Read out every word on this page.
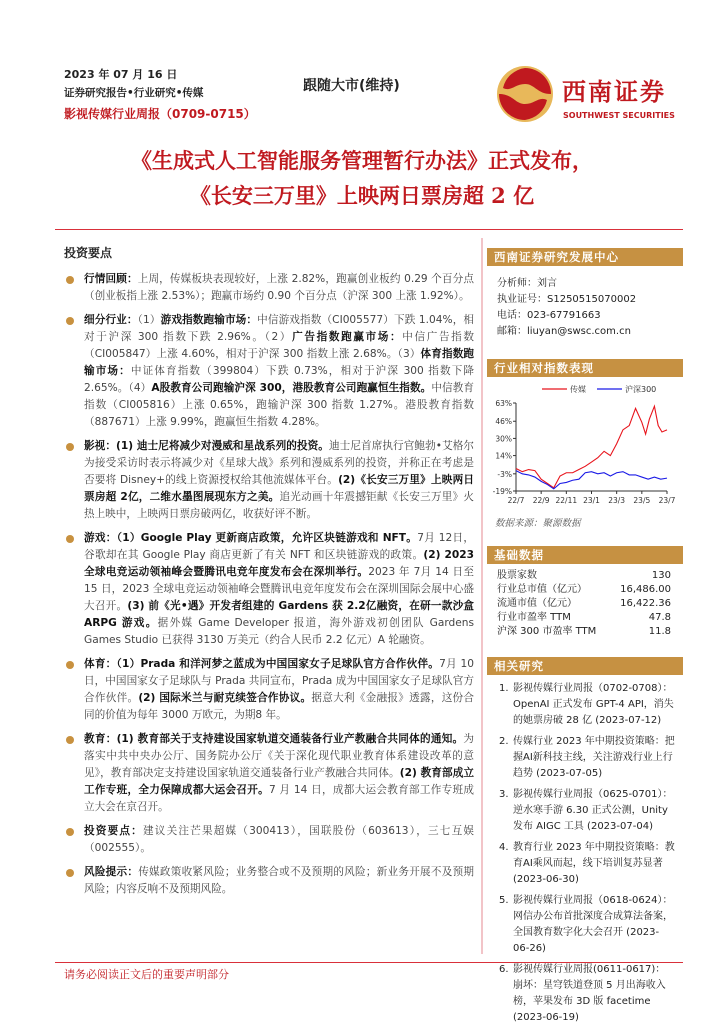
2023 年 07 月 16 日
证券研究报告•行业研究•传媒
影视传媒行业周报（0709-0715）
跟随大市(维持)	西南证券
SOUTHWEST SECURITIES
《生成式人工智能服务管理暂行办法》正式发布，
《长安三万里》上映两日票房超 2 亿
投资要点
行情回顾：上周，传媒板块表现较好，上涨 2.82%，跑赢创业板约 0.29 个百分点（创业板指上涨 2.53%）；跑赢市场约 0.90 个百分点（沪深 300 上涨 1.92%）。
细分行业：（1）游戏指数跑输市场：中信游戏指数（CI005577）下跌 1.04%，相对于沪深 300 指数下跌 2.96%。（2）广告指数跑赢市场：中信广告指数（CI005847）上涨 4.60%，相对于沪深 300 指数上涨 2.68%。（3）体育指数跑输市场：中证体育指数（399804）下跌 0.73%，相对于沪深 300 指数下降 2.65%。（4）A股教育公司跑输沪深 300，港股教育公司跑赢恒生指数。中信教育指数（CI005816）上涨 0.65%，跑输沪深 300 指数 1.27%。港股教育指数（887671）上涨 9.99%，跑赢恒生指数 4.28%。
影视：(1) 迪士尼将减少对漫威和星战系列的投资。迪士尼首席执行官鲍勃•艾格尔为接受采访时表示将减少对《星球大战》系列和漫威系列的投资，并称正在考虑是否要将 Disney+的线上资源授权给其他流媒体平台。(2)《长安三万里》上映两日票房超 2亿，二维水墨图展现东方之美。追光动画十年震撼钜献《长安三万里》火热上映中，上映两日票房破两亿，收获好评不断。
游戏：（1）Google Play 更新商店政策，允许区块链游戏和 NFT。7月 12日，谷歌却在其 Google Play 商店更新了有关 NFT 和区块链游戏的政策。(2) 2023 全球电竞运动领袖峰会暨腾讯电竞年度发布会在深圳举行。2023 年 7月 14 日至 15 日，2023 全球电竞运动领袖峰会暨腾讯电竞年度发布会在深圳国际会展中心盛大召开。(3) 前《光•遇》开发者组建的 Gardens 获 2.2亿融资，在研一款沙盒 ARPG 游戏。据外媒 Game Developer 报道，海外游戏初创团队 Gardens Games Studio 已获得 3130 万美元（约合人民币 2.2 亿元）A 轮融资。
体育：（1）Prada 和洋河梦之蓝成为中国国家女子足球队官方合作伙伴。7月 10 日，中国国家女子足球队与 Prada 共同宣布，Prada 成为中国国家女子足球队官方合作伙伴。(2) 国际米兰与耐克续签合作协议。据意大利《金融报》透露，这份合同的价值为每年 3000 万欧元，为期8 年。
教育：(1) 教育部关于支持建设国家轨道交通装备行业产教融合共同体的通知。为落实中共中央办公厅、国务院办公厅《关于深化现代职业教育体系建设改革的意见》，教育部决定支持建设国家轨道交通装备行业产教融合共同体。(2) 教育部成立工作专班，全力保障成都大运会召开。7 月 14 日，成都大运会教育部工作专班成立大会在京召开。
投资要点：建议关注芒果超媒（300413），国联股份（603613），三七互娱（002555）。
风险提示：传媒政策收紧风险；业务整合或不及预期的风险；新业务开展不及预期风险；内容反响不及预期风险。
西南证券研究发展中心
分析师：刘言
执业证号：S1250515070002
电话：023-67791663
邮箱：liuyan@swsc.com.cn
行业相对指数表现
63%
46%
30%
14%
-3%
-19%
22/7 22/9 22/11 23/1 23/3 23/5 23/7
传媒	沪深300
数据来源：聚源数据
基础数据
股票家数	130
行业总市值（亿元）	16,486.00
流通市值（亿元）	16,422.36
行业市盈率 TTM	47.8
沪深 300 市盈率 TTM	11.8
相关研究
1. 影视传媒行业周报（0702-0708）：OpenAI 正式发布 GPT-4 API，消失的她票房破 28 亿 (2023-07-12)
2. 传媒行业 2023 年中期投资策略：把握AI新科技主线，关注游戏行业上行趋势 (2023-07-05)
3. 影视传媒行业周报（0625-0701）：逆水寒手游 6.30 正式公测，Unity 发布 AIGC 工具 (2023-07-04)
4. 教育行业 2023 年中期投资策略：教育AI乘风而起，线下培训复苏显著 (2023-06-30)
5. 影视传媒行业周报（0618-0624）：网信办公布首批深度合成算法备案，全国教育数字化大会召开 (2023-06-26)
6. 影视传媒行业周报(0611-0617)：崩坏：星穹铁道登顶 5 月出海收入榜，苹果发布 3D 版 facetime (2023-06-19)
请务必阅读正文后的重要声明部分
